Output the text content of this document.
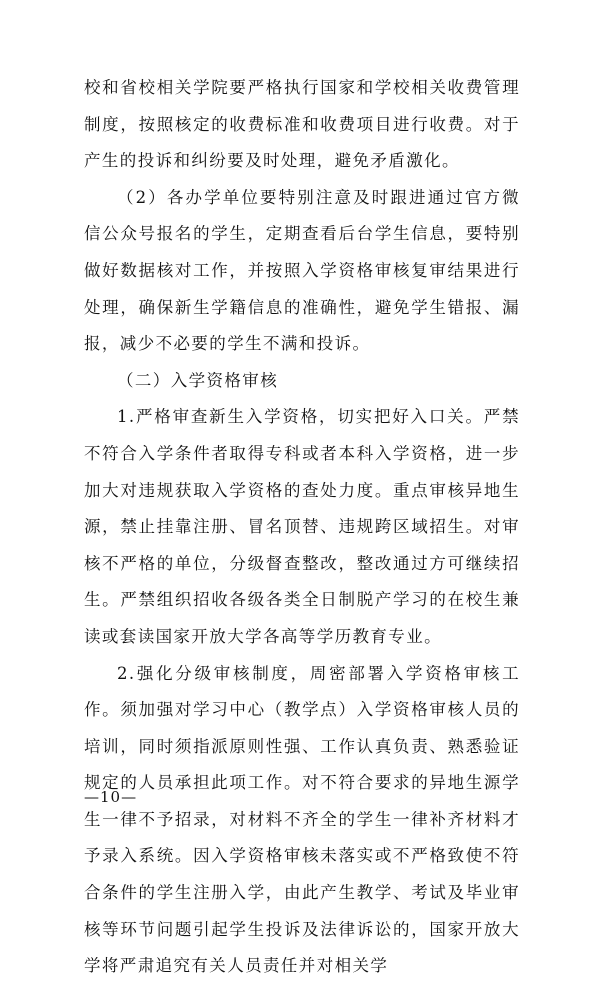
校和省校相关学院要严格执行国家和学校相关收费管理制度，按照核定的收费标准和收费项目进行收费。对于产生的投诉和纠纷要及时处理，避免矛盾激化。

（2）各办学单位要特别注意及时跟进通过官方微信公众号报名的学生，定期查看后台学生信息，要特别做好数据核对工作，并按照入学资格审核复审结果进行处理，确保新生学籍信息的准确性，避免学生错报、漏报，减少不必要的学生不满和投诉。

（二）入学资格审核

1.严格审查新生入学资格，切实把好入口关。严禁不符合入学条件者取得专科或者本科入学资格，进一步加大对违规获取入学资格的查处力度。重点审核异地生源，禁止挂靠注册、冒名顶替、违规跨区域招生。对审核不严格的单位，分级督查整改，整改通过方可继续招生。严禁组织招收各级各类全日制脱产学习的在校生兼读或套读国家开放大学各高等学历教育专业。

2.强化分级审核制度，周密部署入学资格审核工作。须加强对学习中心（教学点）入学资格审核人员的培训，同时须指派原则性强、工作认真负责、熟悉验证规定的人员承担此项工作。对不符合要求的异地生源学生一律不予招录，对材料不齐全的学生一律补齐材料才予录入系统。因入学资格审核未落实或不严格致使不符合条件的学生注册入学，由此产生教学、考试及毕业审核等环节问题引起学生投诉及法律诉讼的，国家开放大学将严肃追究有关人员责任并对相关学

—10—
